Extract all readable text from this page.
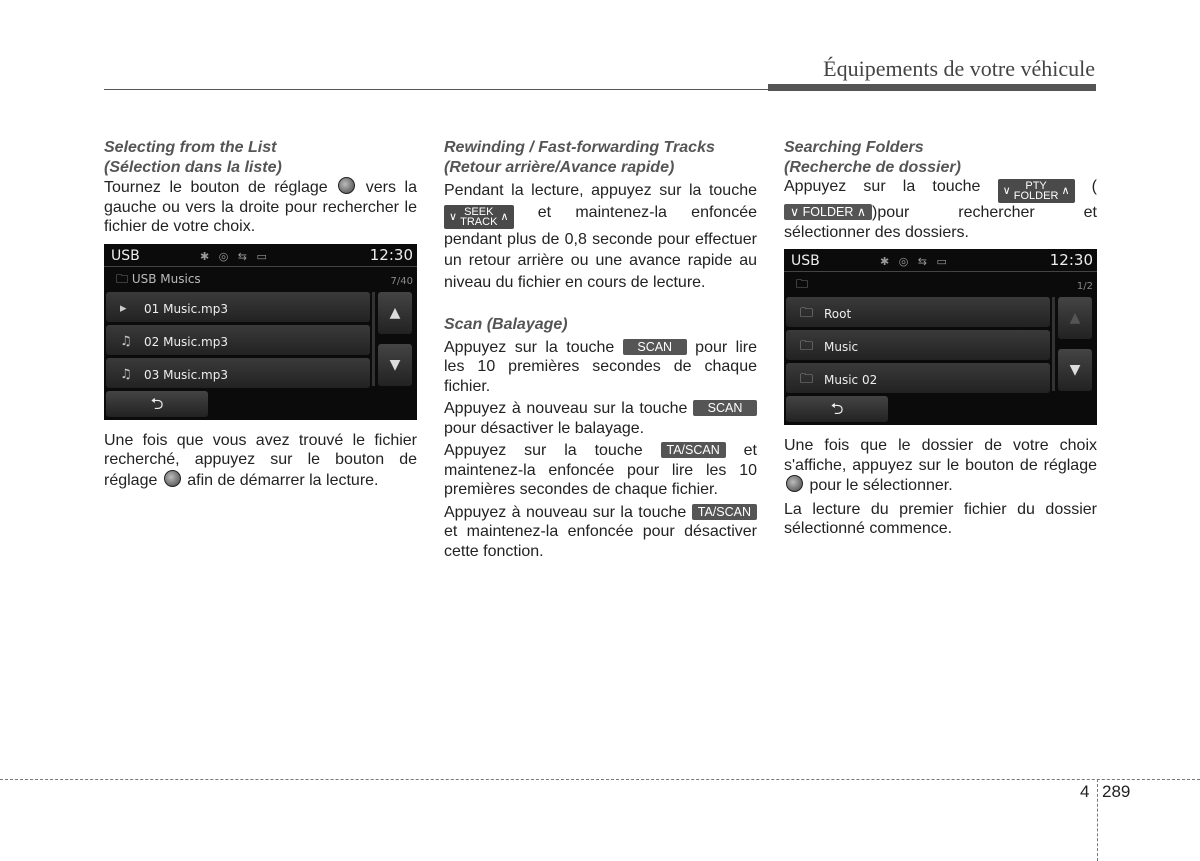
Équipements de votre véhicule

Selecting from the List

(Sélection dans la liste)

Tournez le bouton de réglage vers la gauche ou vers la droite pour rechercher le fichier de votre choix.

USB	✱ ◎ ⇆ ▭	12:30
🗀 USB Musics	7/40
▸ 01 Music.mp3
♫ 02 Music.mp3
♫ 03 Music.mp3
▲
▼
⮌

Une fois que vous avez trouvé le fichier recherché, appuyez sur le bouton de réglage afin de démarrer la lecture.

Rewinding / Fast-forwarding Tracks

(Retour arrière/Avance rapide)

Pendant la lecture, appuyez sur la touche ∨ SEEK
TRACK ∧ et maintenez-la enfoncée pendant plus de 0,8 seconde pour effectuer un retour arrière ou une avance rapide au niveau du fichier en cours de lecture.

Scan (Balayage)

Appuyez sur la touche SCAN pour lire les 10 premières secondes de chaque fichier.

Appuyez à nouveau sur la touche SCAN pour désactiver le balayage.

Appuyez sur la touche TA/SCAN et maintenez-la enfoncée pour lire les 10 premières secondes de chaque fichier.

Appuyez à nouveau sur la touche TA/SCAN et maintenez-la enfoncée pour désactiver cette fonction.

Searching Folders

(Recherche de dossier)

Appuyez sur la touche ∨ PTY
FOLDER ∧ (∨ FOLDER ∧ )pour rechercher et sélectionner des dossiers.

USB	✱ ◎ ⇆ ▭	12:30
🗀	1/2
🗀 Root
🗀 Music
🗀 Music 02
▲
▼
⮌

Une fois que le dossier de votre choix s'affiche, appuyez sur le bouton de réglage  pour le sélectionner.

La lecture du premier fichier du dossier sélectionné commence.

4 289
